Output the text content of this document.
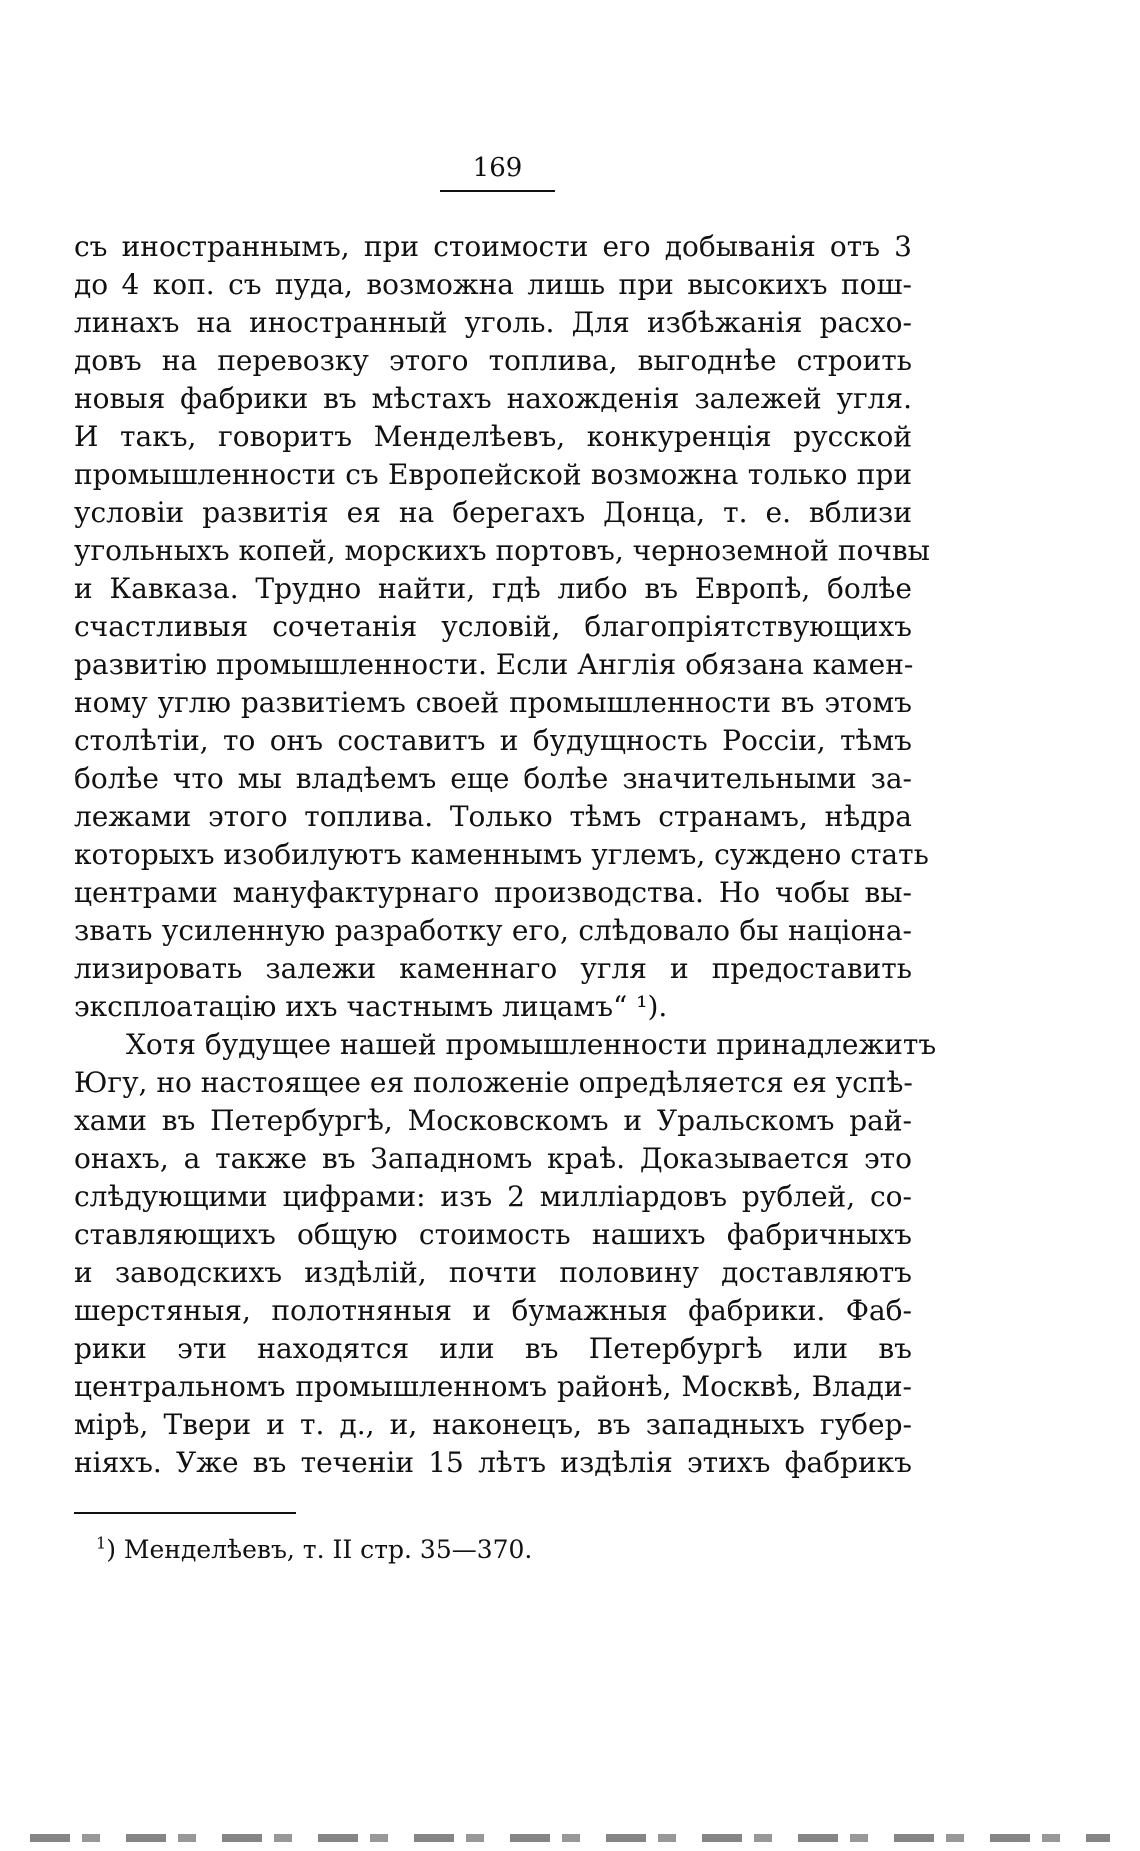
169
съ иностраннымъ, при стоимости его добыванія отъ 3
до 4 коп. съ пуда, возможна лишь при высокихъ пош-
линахъ на иностранный уголь. Для избѣжанія расхо-
довъ на перевозку этого топлива, выгоднѣе строить
новыя фабрики въ мѣстахъ нахожденія залежей угля.
И такъ, говоритъ Менделѣевъ, конкуренція русской
промышленности съ Европейской возможна только при
условіи развитія ея на берегахъ Донца, т. е. вблизи
угольныхъ копей, морскихъ портовъ, черноземной почвы
и Кавказа. Трудно найти, гдѣ либо въ Европѣ, болѣе
счастливыя сочетанія условій, благопріятствующихъ
развитію промышленности. Если Англія обязана камен-
ному углю развитіемъ своей промышленности въ этомъ
столѣтіи, то онъ составитъ и будущность Россіи, тѣмъ
болѣе что мы владѣемъ еще болѣе значительными за-
лежами этого топлива. Только тѣмъ странамъ, нѣдра
которыхъ изобилуютъ каменнымъ углемъ, суждено стать
центрами мануфактурнаго производства. Но чобы вы-
звать усиленную разработку его, слѣдовало бы націона-
лизировать залежи каменнаго угля и предоставить
эксплоатацію ихъ частнымъ лицамъ“ ¹).
Хотя будущее нашей промышленности принадлежитъ
Югу, но настоящее ея положеніе опредѣляется ея успѣ-
хами въ Петербургѣ, Московскомъ и Уральскомъ рай-
онахъ, а также въ Западномъ краѣ. Доказывается это
слѣдующими цифрами: изъ 2 милліардовъ рублей, со-
ставляющихъ общую стоимость нашихъ фабричныхъ
и заводскихъ издѣлій, почти половину доставляютъ
шерстяныя, полотняныя и бумажныя фабрики. Фаб-
рики эти находятся или въ Петербургѣ или въ
центральномъ промышленномъ районѣ, Москвѣ, Влади-
мірѣ, Твери и т. д., и, наконецъ, въ западныхъ губер-
ніяхъ. Уже въ теченіи 15 лѣтъ издѣлія этихъ фабрикъ
$^1$) Менделѣевъ, т. II стр. 35—370.
